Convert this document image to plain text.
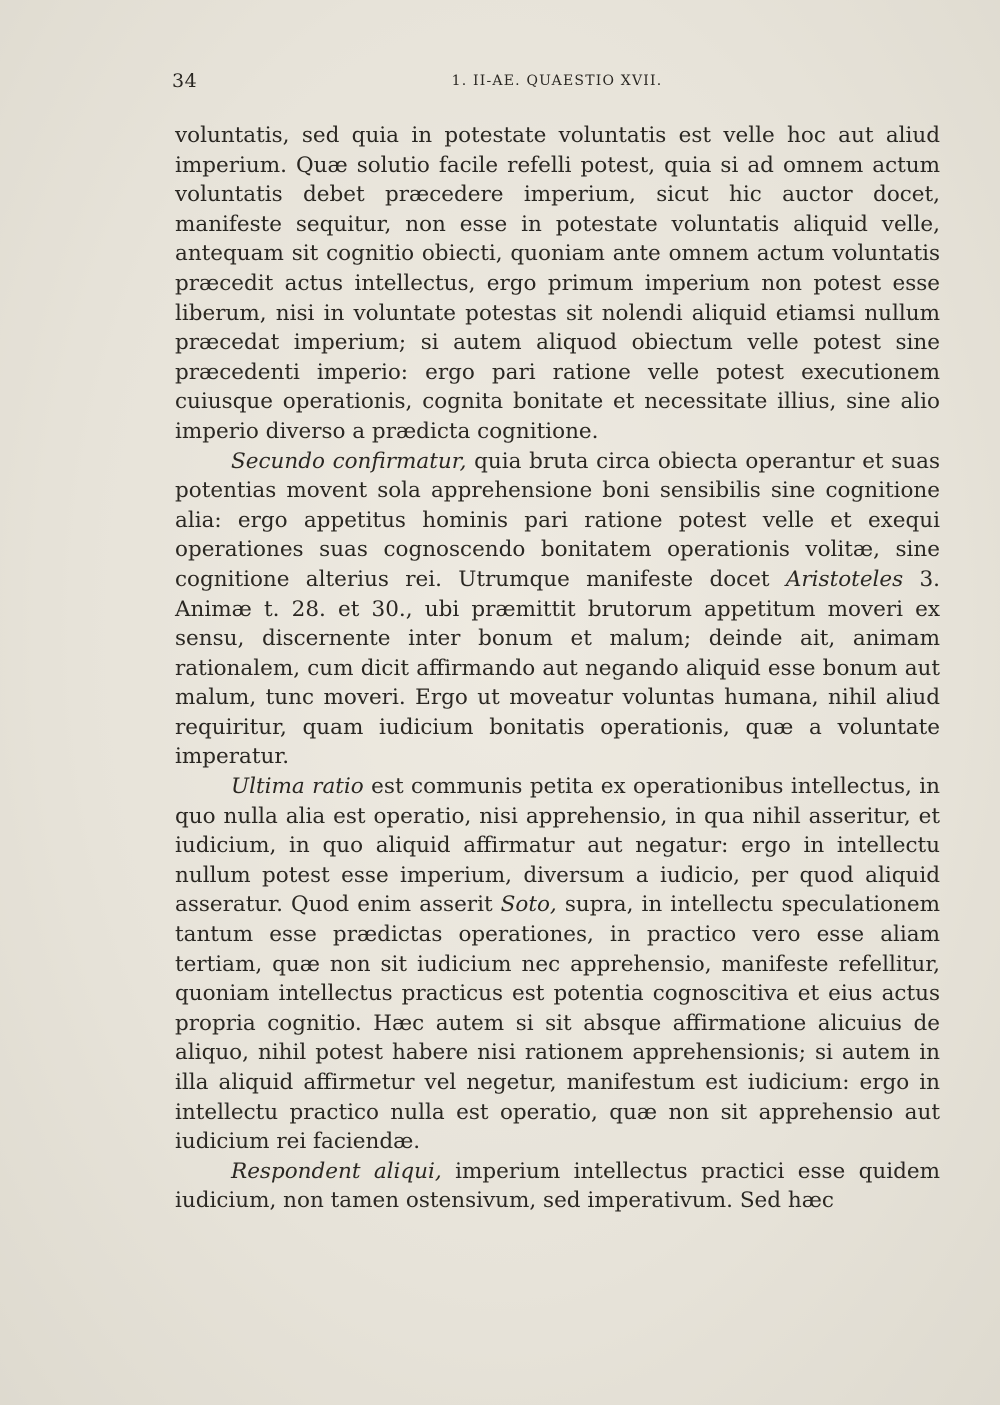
34	1. II-AE. QUAESTIO XVII.

voluntatis, sed quia in potestate voluntatis est velle hoc aut aliud imperium. Quæ solutio facile refelli potest, quia si ad omnem actum voluntatis debet præcedere imperium, sicut hic auctor docet, manifeste sequitur, non esse in potestate voluntatis aliquid velle, antequam sit cognitio obiecti, quoniam ante omnem actum voluntatis præcedit actus intellectus, ergo primum imperium non potest esse liberum, nisi in voluntate potestas sit nolendi aliquid etiamsi nullum præcedat imperium; si autem aliquod obiectum velle potest sine præcedenti imperio: ergo pari ratione velle potest executionem cuiusque operationis, cognita bonitate et necessitate illius, sine alio imperio diverso a prædicta cognitione.

Secundo confirmatur, quia bruta circa obiecta operantur et suas potentias movent sola apprehensione boni sensibilis sine cognitione alia: ergo appetitus hominis pari ratione potest velle et exequi operationes suas cognoscendo bonitatem operationis volitæ, sine cognitione alterius rei. Utrumque manifeste docet Aristoteles 3. Animæ t. 28. et 30., ubi præmittit brutorum appetitum moveri ex sensu, discernente inter bonum et malum; deinde ait, animam rationalem, cum dicit affirmando aut negando aliquid esse bonum aut malum, tunc moveri. Ergo ut moveatur voluntas humana, nihil aliud requiritur, quam iudicium bonitatis operationis, quæ a voluntate imperatur.

Ultima ratio est communis petita ex operationibus intellectus, in quo nulla alia est operatio, nisi apprehensio, in qua nihil asseritur, et iudicium, in quo aliquid affirmatur aut negatur: ergo in intellectu nullum potest esse imperium, diversum a iudicio, per quod aliquid asseratur. Quod enim asserit Soto, supra, in intellectu speculationem tantum esse prædictas operationes, in practico vero esse aliam tertiam, quæ non sit iudicium nec apprehensio, manifeste refellitur, quoniam intellectus practicus est potentia cognoscitiva et eius actus propria cognitio. Hæc autem si sit absque affirmatione alicuius de aliquo, nihil potest habere nisi rationem apprehensionis; si autem in illa aliquid affirmetur vel negetur, manifestum est iudicium: ergo in intellectu practico nulla est operatio, quæ non sit apprehensio aut iudicium rei faciendæ.

Respondent aliqui, imperium intellectus practici esse quidem iudicium, non tamen ostensivum, sed imperativum. Sed hæc
